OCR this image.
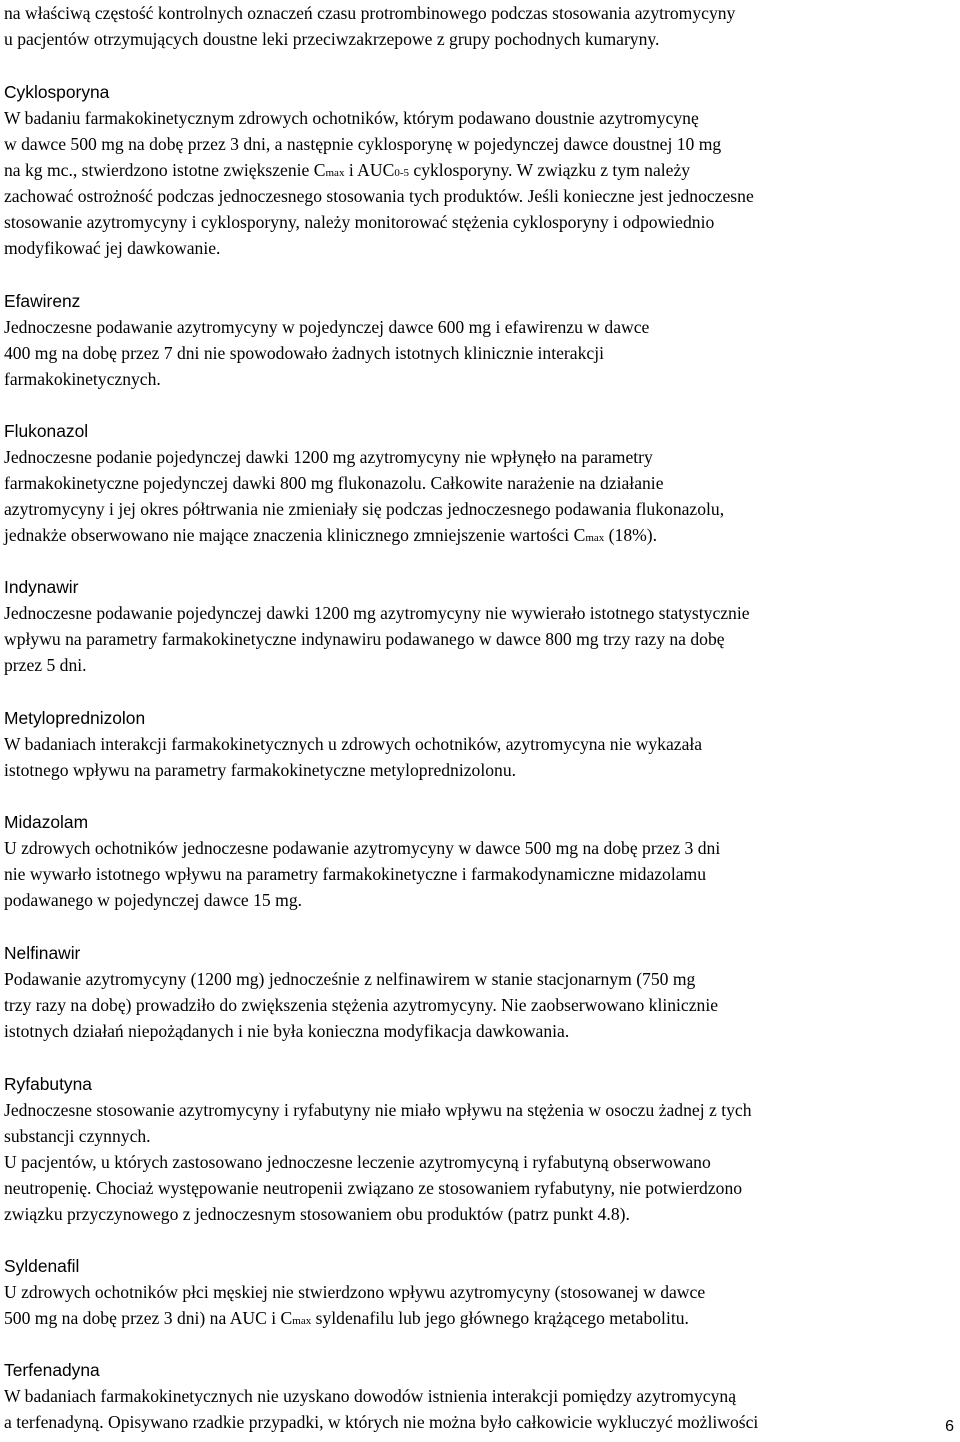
na właściwą częstość kontrolnych oznaczeń czasu protrombinowego podczas stosowania azytromycyny
u pacjentów otrzymujących doustne leki przeciwzakrzepowe z grupy pochodnych kumaryny.
Cyklosporyna
W badaniu farmakokinetycznym zdrowych ochotników, którym podawano doustnie azytromycynę
w dawce 500 mg na dobę przez 3 dni, a następnie cyklosporynę w pojedynczej dawce doustnej 10 mg
na kg mc., stwierdzono istotne zwiększenie Cmax i AUC0-5 cyklosporyny. W związku z tym należy
zachować ostrożność podczas jednoczesnego stosowania tych produktów. Jeśli konieczne jest jednoczesne
stosowanie azytromycyny i cyklosporyny, należy monitorować stężenia cyklosporyny i odpowiednio
modyfikować jej dawkowanie.
Efawirenz
Jednoczesne podawanie azytromycyny w pojedynczej dawce 600 mg i efawirenzu w dawce
400 mg na dobę przez 7 dni nie spowodowało żadnych istotnych klinicznie interakcji
farmakokinetycznych.
Flukonazol
Jednoczesne podanie pojedynczej dawki 1200 mg azytromycyny nie wpłynęło na parametry
farmakokinetyczne pojedynczej dawki 800 mg flukonazolu. Całkowite narażenie na działanie
azytromycyny i jej okres półtrwania nie zmieniały się podczas jednoczesnego podawania flukonazolu,
jednakże obserwowano nie mające znaczenia klinicznego zmniejszenie wartości Cmax (18%).
Indynawir
Jednoczesne podawanie pojedynczej dawki 1200 mg azytromycyny nie wywierało istotnego statystycznie
wpływu na parametry farmakokinetyczne indynawiru podawanego w dawce 800 mg trzy razy na dobę
przez 5 dni.
Metyloprednizolon
W badaniach interakcji farmakokinetycznych u zdrowych ochotników, azytromycyna nie wykazała
istotnego wpływu na parametry farmakokinetyczne metyloprednizolonu.
Midazolam
U zdrowych ochotników jednoczesne podawanie azytromycyny w dawce 500 mg na dobę przez 3 dni
nie wywarło istotnego wpływu na parametry farmakokinetyczne i farmakodynamiczne midazolamu
podawanego w pojedynczej dawce 15 mg.
Nelfinawir
Podawanie azytromycyny (1200 mg) jednocześnie z nelfinawirem w stanie stacjonarnym (750 mg
trzy razy na dobę) prowadziło do zwiększenia stężenia azytromycyny. Nie zaobserwowano klinicznie
istotnych działań niepożądanych i nie była konieczna modyfikacja dawkowania.
Ryfabutyna
Jednoczesne stosowanie azytromycyny i ryfabutyny nie miało wpływu na stężenia w osoczu żadnej z tych
substancji czynnych.
U pacjentów, u których zastosowano jednoczesne leczenie azytromycyną i ryfabutyną obserwowano
neutropenię. Chociaż występowanie neutropenii związano ze stosowaniem ryfabutyny, nie potwierdzono
związku przyczynowego z jednoczesnym stosowaniem obu produktów (patrz punkt 4.8).
Syldenafil
U zdrowych ochotników płci męskiej nie stwierdzono wpływu azytromycyny (stosowanej w dawce
500 mg na dobę przez 3 dni) na AUC i Cmax syldenafilu lub jego głównego krążącego metabolitu.
Terfenadyna
W badaniach farmakokinetycznych nie uzyskano dowodów istnienia interakcji pomiędzy azytromycyną
a terfenadyną. Opisywano rzadkie przypadki, w których nie można było całkowicie wykluczyć możliwości	6
